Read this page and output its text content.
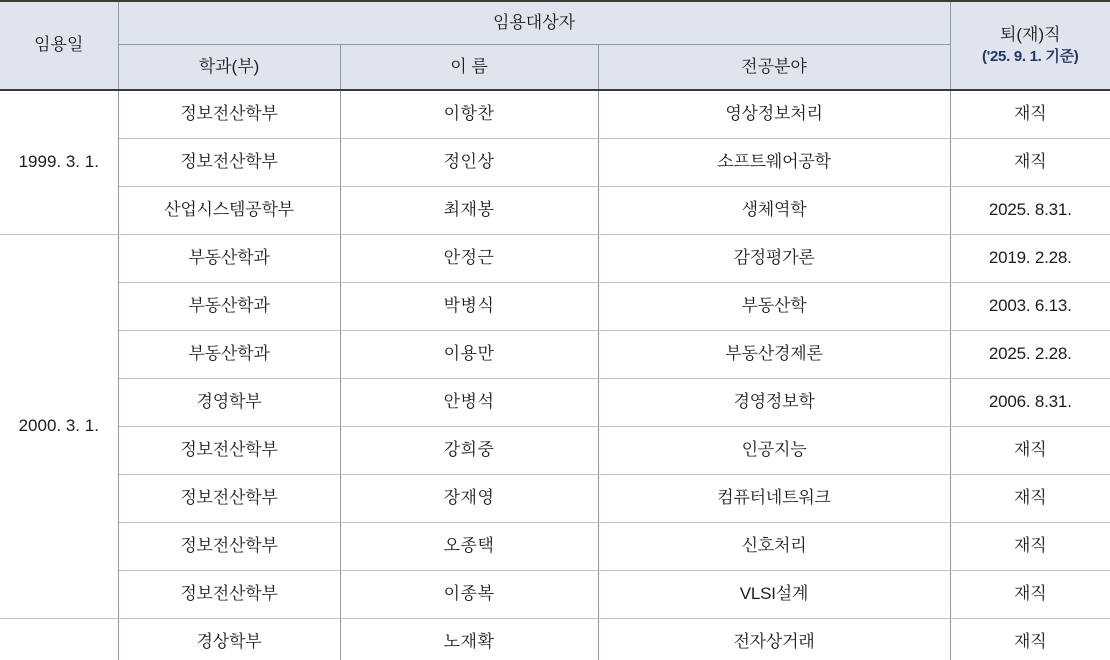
임용일	임용대상자			퇴(재)직
('25. 9. 1. 기준)

	학과(부)	이 름	전공분야	
1999. 3. 1.	정보전산학부	이항찬	영상정보처리	재직
	정보전산학부	정인상	소프트웨어공학	재직
	산업시스템공학부	최재봉	생체역학	2025. 8.31.
2000. 3. 1.	부동산학과	안정근	감정평가론	2019. 2.28.
	부동산학과	박병식	부동산학	2003. 6.13.
	부동산학과	이용만	부동산경제론	2025. 2.28.
	경영학부	안병석	경영정보학	2006. 8.31.
	정보전산학부	강희중	인공지능	재직
	정보전산학부	장재영	컴퓨터네트워크	재직
	정보전산학부	오종택	신호처리	재직
	정보전산학부	이종복	VLSI설계	재직
	경상학부	노재확	전자상거래	재직
